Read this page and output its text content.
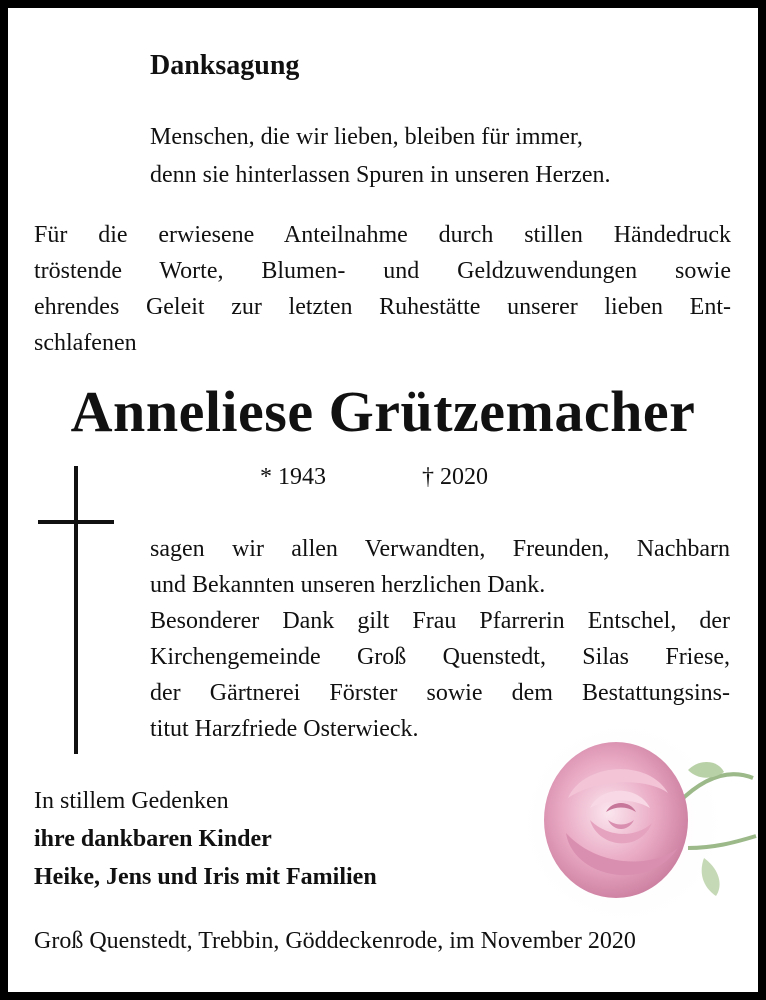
Danksagung
Menschen, die wir lieben, bleiben für immer,
denn sie hinterlassen Spuren in unseren Herzen.
Für die erwiesene Anteilnahme durch stillen Händedruck
tröstende Worte, Blumen- und Geldzuwendungen sowie
ehrendes Geleit zur letzten Ruhestätte unserer lieben Ent-
schlafenen
Anneliese Grützemacher
* 1943	† 2020
sagen wir allen Verwandten, Freunden, Nachbarn
und Bekannten unseren herzlichen Dank.
Besonderer Dank gilt Frau Pfarrerin Entschel, der
Kirchengemeinde Groß Quenstedt, Silas Friese,
der Gärtnerei Förster sowie dem Bestattungsins-
titut Harzfriede Osterwieck.
In stillem Gedenken
ihre dankbaren Kinder
Heike, Jens und Iris mit Familien
Groß Quenstedt, Trebbin, Göddeckenrode, im November 2020
